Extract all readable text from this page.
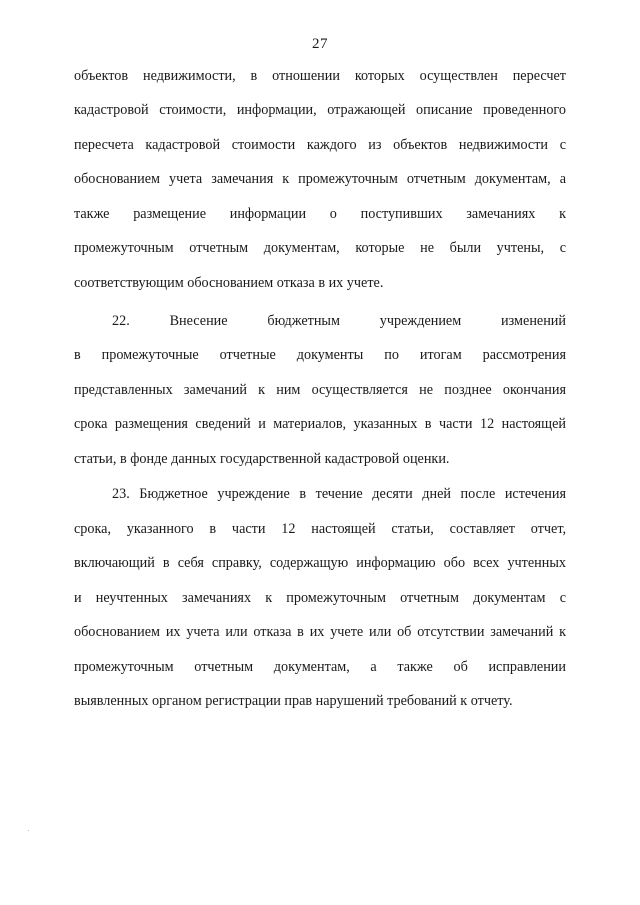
27
объектов недвижимости, в отношении которых осуществлен пересчет
кадастровой стоимости, информации, отражающей описание проведенного
пересчета кадастровой стоимости каждого из объектов недвижимости с
обоснованием учета замечания к промежуточным отчетным документам, а
также размещение информации о поступивших замечаниях к
промежуточным отчетным документам, которые не были учтены, с
соответствующим обоснованием отказа в их учете.
22. Внесение бюджетным учреждением изменений
в промежуточные отчетные документы по итогам рассмотрения
представленных замечаний к ним осуществляется не позднее окончания
срока размещения сведений и материалов, указанных в части 12 настоящей
статьи, в фонде данных государственной кадастровой оценки.
23. Бюджетное учреждение в течение десяти дней после истечения
срока, указанного в части 12 настоящей статьи, составляет отчет,
включающий в себя справку, содержащую информацию обо всех учтенных
и неучтенных замечаниях к промежуточным отчетным документам с
обоснованием их учета или отказа в их учете или об отсутствии замечаний к
промежуточным отчетным документам, а также об исправлении
выявленных органом регистрации прав нарушений требований к отчету.
